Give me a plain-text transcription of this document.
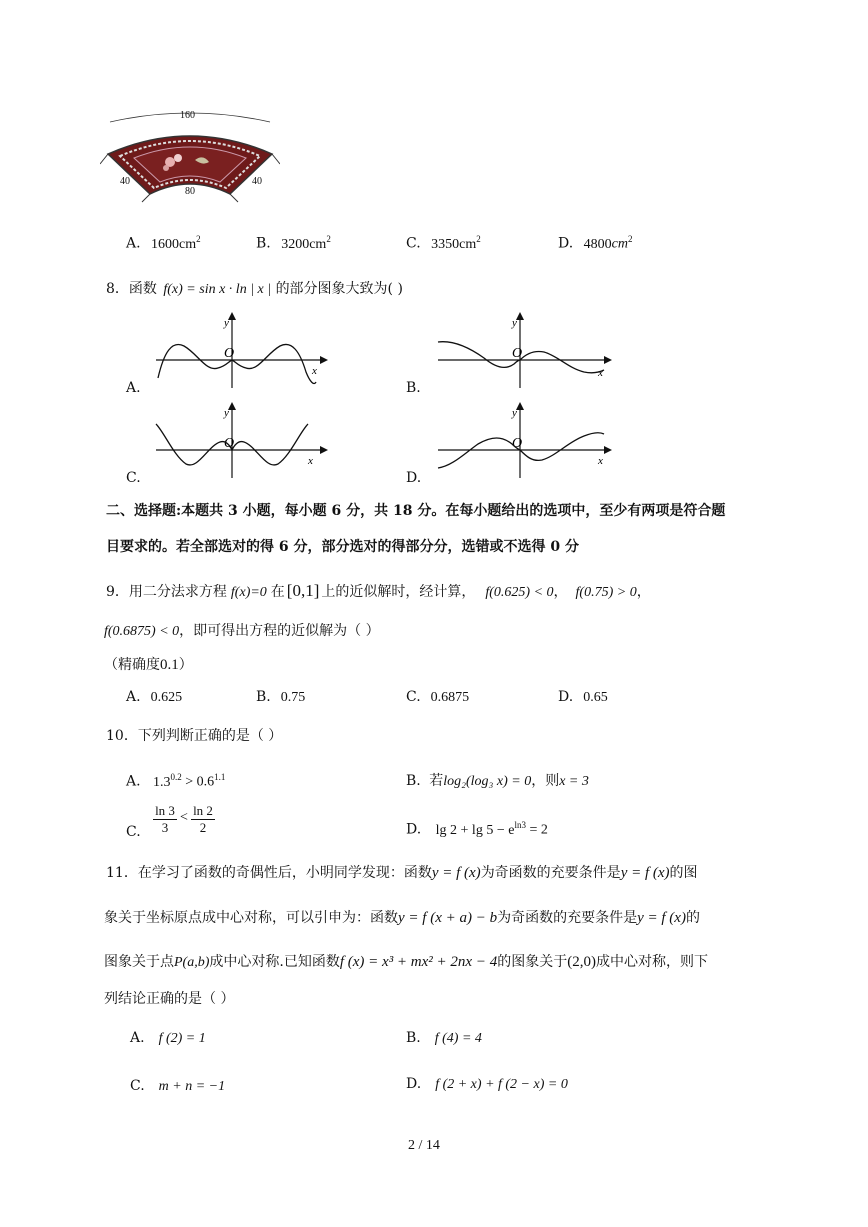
160
40	40
80
A. $1600cm^2$	B. $3200cm^2$	C. $3350cm^2$	D. $4800cm^2$
8．函数 f(x) = sin x · ln | x | 的部分图象大致为( )
A.
y
x
O
B.
y
x
O
C.
y
x
O
D.
y
x
O
二、选择题:本题共 3 小题，每小题 6 分，共 18 分。在每小题给出的选项中，至少有两项是符合题
目要求的。若全部选对的得 6 分，部分选对的得部分分，选错或不选得 0 分
9．用二分法求方程 f(x)=0 在 [0,1] 上的近似解时，经计算， f(0.625) < 0， f(0.75) > 0，
f(0.6875) < 0，即可得出方程的近似解为（ ）
（精确度0.1）
A. 0.625	B. 0.75	C. 0.6875	D. 0.65
10．下列判断正确的是（ ）
A. $1.3^{0.2} > 0.6^{1.1}$	B. 若log₂(log₃ x) = 0，则x = 3
C. $\frac{\ln 3}{3} < \frac{\ln 2}{2}$	D. $\lg 2 + \lg 5 - e^{ln3} = 2$
11．在学习了函数的奇偶性后，小明同学发现：函数y = f (x)为奇函数的充要条件是y = f (x)的图
象关于坐标原点成中心对称，可以引申为：函数y = f (x + a) − b为奇函数的充要条件是y = f (x)的
图象关于点P(a,b)成中心对称.已知函数f (x) = x³ + mx² + 2nx − 4的图象关于(2,0)成中心对称，则下
列结论正确的是（ ）
A. f (2) = 1	B. f (4) = 4
C. m + n = −1	D. f (2 + x) + f (2 − x) = 0
2 / 14
